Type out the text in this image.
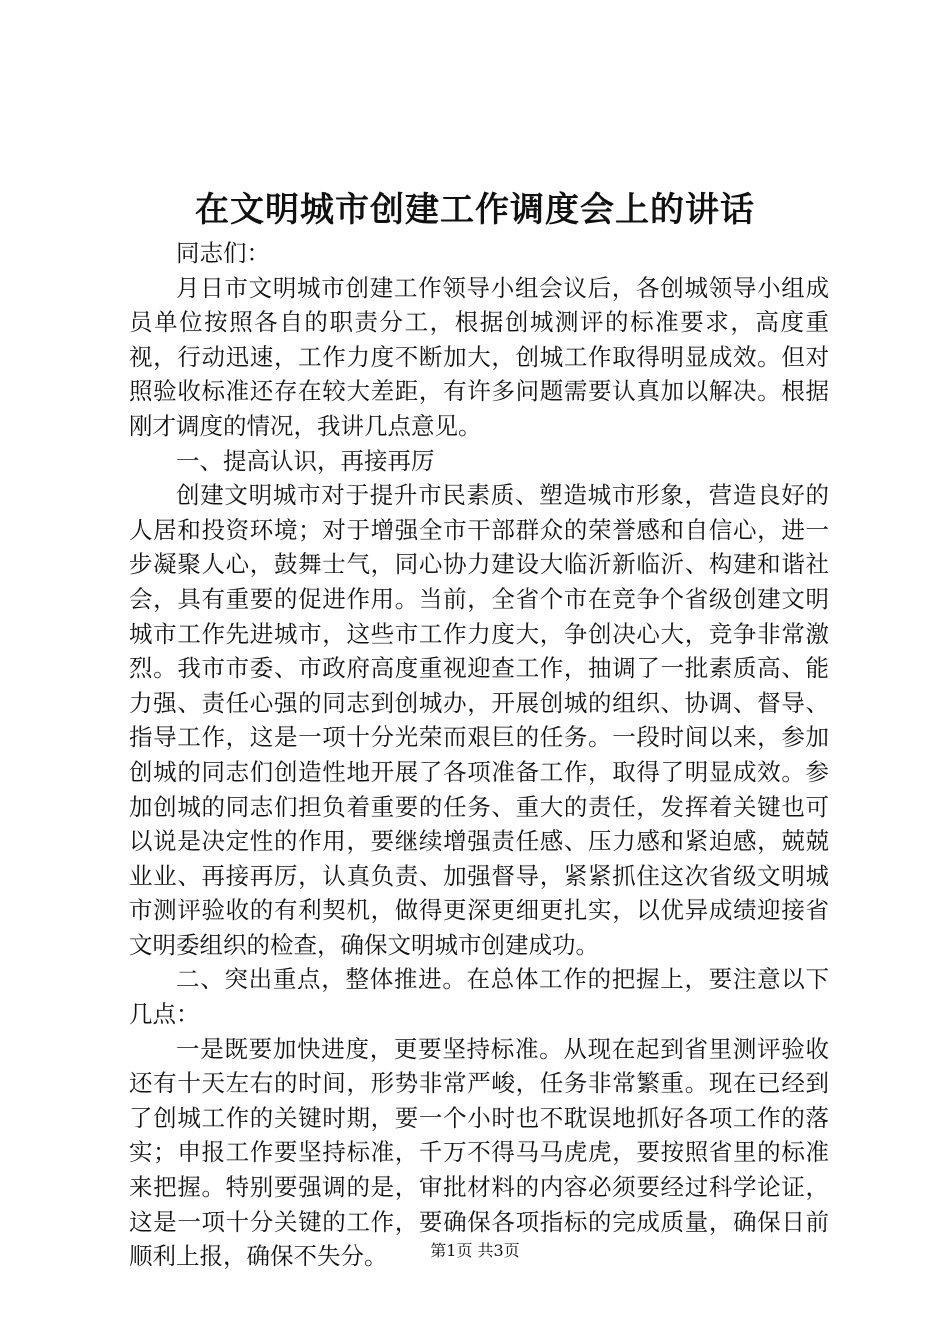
在文明城市创建工作调度会上的讲话

同志们：

月日市文明城市创建工作领导小组会议后，各创城领导小组成员单位按照各自的职责分工，根据创城测评的标准要求，高度重视，行动迅速，工作力度不断加大，创城工作取得明显成效。但对照验收标准还存在较大差距，有许多问题需要认真加以解决。根据刚才调度的情况，我讲几点意见。

一、提高认识，再接再厉

创建文明城市对于提升市民素质、塑造城市形象，营造良好的人居和投资环境；对于增强全市干部群众的荣誉感和自信心，进一步凝聚人心，鼓舞士气，同心协力建设大临沂新临沂、构建和谐社会，具有重要的促进作用。当前，全省个市在竞争个省级创建文明城市工作先进城市，这些市工作力度大，争创决心大，竞争非常激烈。我市市委、市政府高度重视迎查工作，抽调了一批素质高、能力强、责任心强的同志到创城办，开展创城的组织、协调、督导、指导工作，这是一项十分光荣而艰巨的任务。一段时间以来，参加创城的同志们创造性地开展了各项准备工作，取得了明显成效。参加创城的同志们担负着重要的任务、重大的责任，发挥着关键也可以说是决定性的作用，要继续增强责任感、压力感和紧迫感，兢兢业业、再接再厉，认真负责、加强督导，紧紧抓住这次省级文明城市测评验收的有利契机，做得更深更细更扎实，以优异成绩迎接省文明委组织的检查，确保文明城市创建成功。

二、突出重点，整体推进。在总体工作的把握上，要注意以下几点：

一是既要加快进度，更要坚持标准。从现在起到省里测评验收还有十天左右的时间，形势非常严峻，任务非常繁重。现在已经到了创城工作的关键时期，要一个小时也不耽误地抓好各项工作的落实；申报工作要坚持标准，千万不得马马虎虎，要按照省里的标准来把握。特别要强调的是，审批材料的内容必须要经过科学论证，这是一项十分关键的工作，要确保各项指标的完成质量，确保日前顺利上报，确保不失分。	第1页 共3页
